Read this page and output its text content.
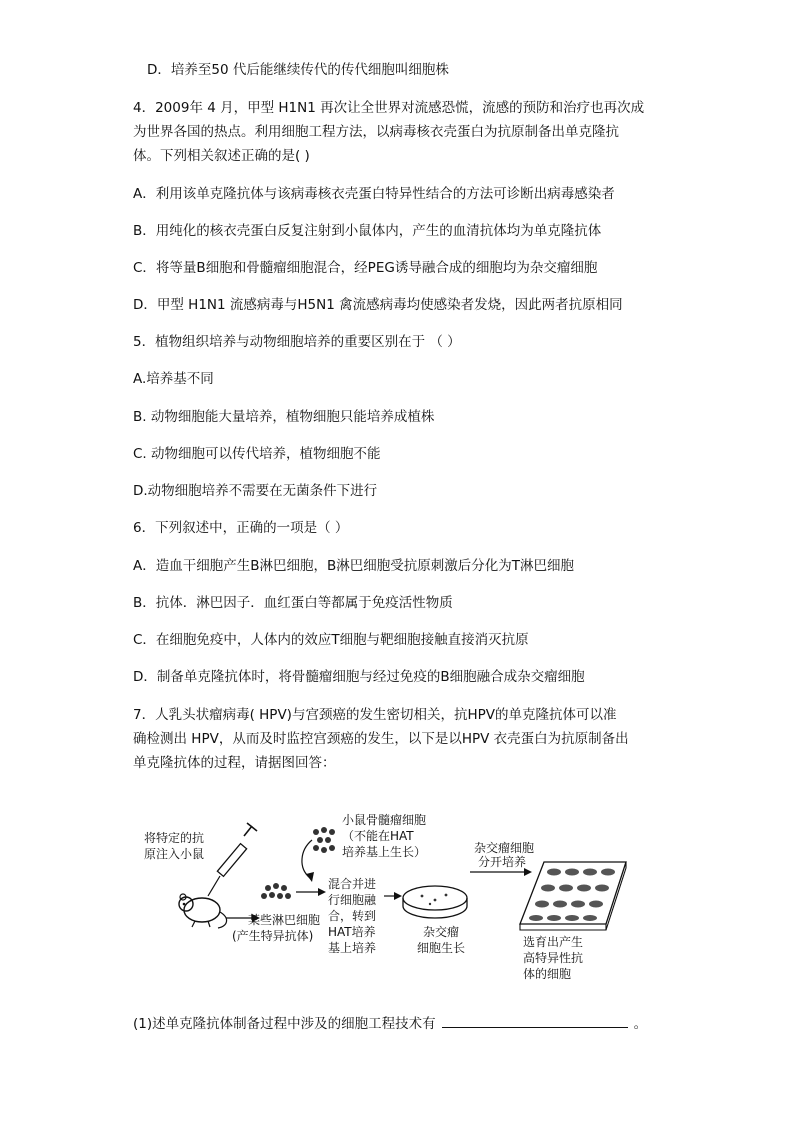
D．培养至50 代后能继续传代的传代细胞叫细胞株
4．2009年 4 月，甲型 H1N1 再次让全世界对流感恐慌，流感的预防和治疗也再次成
为世界各国的热点。利用细胞工程方法，以病毒核衣壳蛋白为抗原制备出单克隆抗
体。下列相关叙述正确的是( )
A．利用该单克隆抗体与该病毒核衣壳蛋白特异性结合的方法可诊断出病毒感染者
B．用纯化的核衣壳蛋白反复注射到小鼠体内，产生的血清抗体均为单克隆抗体
C．将等量B细胞和骨髓瘤细胞混合，经PEG诱导融合成的细胞均为杂交瘤细胞
D．甲型 H1N1 流感病毒与H5N1 禽流感病毒均使感染者发烧，因此两者抗原相同
5．植物组织培养与动物细胞培养的重要区别在于 （ ）
A.培养基不同
B. 动物细胞能大量培养，植物细胞只能培养成植株
C. 动物细胞可以传代培养，植物细胞不能
D.动物细胞培养不需要在无菌条件下进行
6．下列叙述中，正确的一项是（ ）
A．造血干细胞产生B淋巴细胞，B淋巴细胞受抗原刺激后分化为T淋巴细胞
B．抗体．淋巴因子．血红蛋白等都属于免疫活性物质
C．在细胞免疫中，人体内的效应T细胞与靶细胞接触直接消灭抗原
D．制备单克隆抗体时，将骨髓瘤细胞与经过免疫的B细胞融合成杂交瘤细胞
7．人乳头状瘤病毒( HPV)与宫颈癌的发生密切相关，抗HPV的单克隆抗体可以准
确检测出 HPV，从而及时监控宫颈癌的发生，以下是以HPV 衣壳蛋白为抗原制备出
单克隆抗体的过程，请据图回答：
将特定的抗
原注入小鼠
某些淋巴细胞
(产生特异抗体)
小鼠骨髓瘤细胞
（不能在HAT
培养基上生长）
混合并进
行细胞融
合，转到
HAT培养
基上培养
杂交瘤
细胞生长
杂交瘤细胞
分开培养
选育出产生
高特异性抗
体的细胞
(1)述单克隆抗体制备过程中涉及的细胞工程技术有	。
